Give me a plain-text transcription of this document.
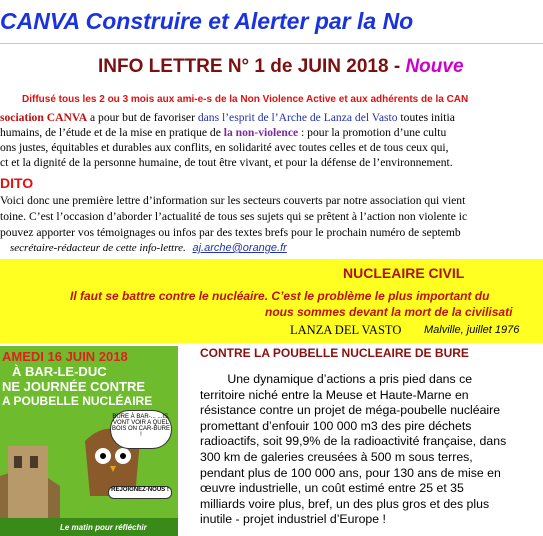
CANVA Construire et Alerter par la No
INFO LETTRE N° 1 de JUIN 2018 - Nouve
Diffusé tous les 2 ou 3 mois aux ami-e-s de la Non Violence Active et aux adhérents de la CAN
sociation CANVA a pour but de favoriser dans l’esprit de l’Arche de Lanza del Vasto toutes initia
humains, de l’étude et de la mise en pratique de la non-violence : pour la promotion d’une cultu
ons justes, équitables et durables aux conflits, en solidarité avec toutes celles et de tous ceux qui,
ct et la dignité de la personne humaine, de tout être vivant, et pour la défense de l’environnement.
DITO
Voici donc une première lettre d’information sur les secteurs couverts par notre association qui vient
toine. C’est l’occasion d’aborder l’actualité de tous ses sujets qui se prêtent à l’action non violente ic
pouvez apporter vos témoignages ou infos par des textes brefs pour le prochain numéro de septemb
secrétaire-rédacteur de cette info-lettre. aj.arche@orange.fr
NUCLEAIRE CIVIL
Il faut se battre contre le nucléaire. C’est le problème le plus important du
nous sommes devant la mort de la civilisati
LANZA DEL VASTO Malville, juillet 1976
AMEDI 16 JUIN 2018
À BAR-LE-DUC
NE JOURNÉE CONTRE
A POUBELLE NUCLÉAIRE
BURE À BAR-... ...IS, VONT VOIR A QUEL BOIS ON CAR-BURE !
REJOIGNEZ-NOUS !
Le matin pour réfléchir
CONTRE LA POUBELLE NUCLEAIRE DE BURE
Une dynamique d’actions a pris pied dans ce
territoire niché entre la Meuse et Haute-Marne en
résistance contre un projet de méga-poubelle nucléaire
promettant d’enfouir 100 000 m3 des pire déchets
radioactifs, soit 99,9% de la radioactivité française, dans
300 km de galeries creusées à 500 m sous terres,
pendant plus de 100 000 ans, pour 130 ans de mise en
œuvre industrielle, un coût estimé entre 25 et 35
milliards voire plus, bref, un des plus gros et des plus
inutile - projet industriel d’Europe !
